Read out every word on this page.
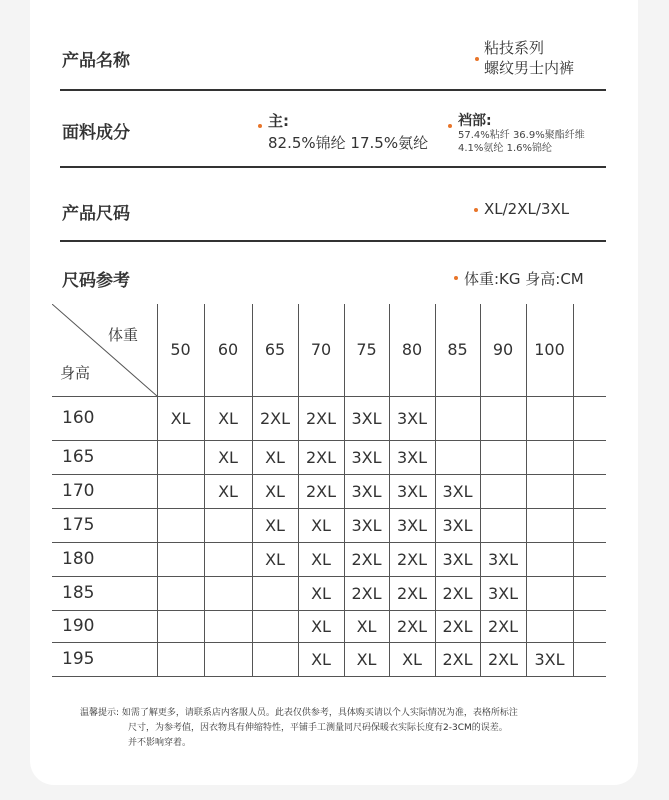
产品名称
粘技系列
螺纹男士内裤
面料成分
主:
82.5%锦纶 17.5%氨纶
裆部:
57.4%粘纤 36.9%聚酯纤维
4.1%氨纶 1.6%锦纶
产品尺码	XL/2XL/3XL
尺码参考	体重:KG 身高:CM
体重
身高	50	60	65	70	75	80	85	90	100	
160	XL	XL	2XL	2XL	3XL	3XL				
165		XL	XL	2XL	3XL	3XL				
170		XL	XL	2XL	3XL	3XL	3XL			
175			XL	XL	3XL	3XL	3XL			
180			XL	XL	2XL	2XL	3XL	3XL		
185				XL	2XL	2XL	2XL	3XL		
190				XL	XL	2XL	2XL	2XL		
195				XL	XL	XL	2XL	2XL	3XL	
温馨提示: 如需了解更多，请联系店内客服人员。此表仅供参考，具体购买请以个人实际情况为准，表格所标注
尺寸，为参考值，因衣物具有伸缩特性，平铺手工测量同尺码保暖衣实际长度有2-3CM的误差。
并不影响穿着。
